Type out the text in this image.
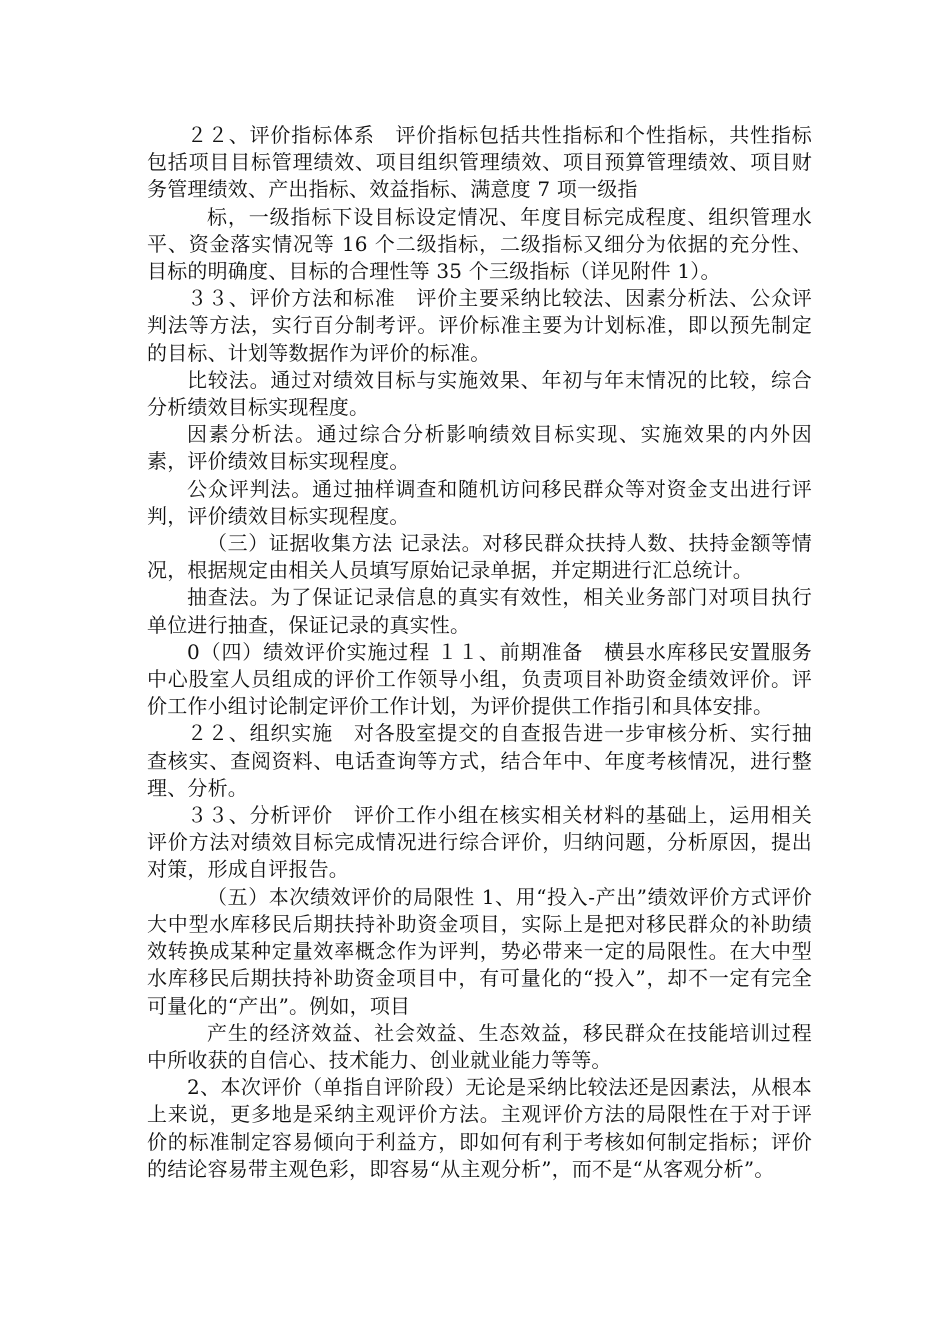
２２、评价指标体系　评价指标包括共性指标和个性指标，共性指标包括项目目标管理绩效、项目组织管理绩效、项目预算管理绩效、项目财务管理绩效、产出指标、效益指标、满意度 7 项一级指

标，一级指标下设目标设定情况、年度目标完成程度、组织管理水平、资金落实情况等 16 个二级指标，二级指标又细分为依据的充分性、目标的明确度、目标的合理性等 35 个三级指标（详见附件 1）。

３３、评价方法和标准　评价主要采纳比较法、因素分析法、公众评判法等方法，实行百分制考评。评价标准主要为计划标准，即以预先制定的目标、计划等数据作为评价的标准。

比较法。通过对绩效目标与实施效果、年初与年末情况的比较，综合分析绩效目标实现程度。

因素分析法。通过综合分析影响绩效目标实现、实施效果的内外因素，评价绩效目标实现程度。

公众评判法。通过抽样调查和随机访问移民群众等对资金支出进行评判，评价绩效目标实现程度。

（三）证据收集方法 记录法。对移民群众扶持人数、扶持金额等情况，根据规定由相关人员填写原始记录单据，并定期进行汇总统计。

抽查法。为了保证记录信息的真实有效性，相关业务部门对项目执行单位进行抽查，保证记录的真实性。

0（四）绩效评价实施过程 １１、前期准备　横县水库移民安置服务中心股室人员组成的评价工作领导小组，负责项目补助资金绩效评价。评价工作小组讨论制定评价工作计划，为评价提供工作指引和具体安排。

２２、组织实施　对各股室提交的自查报告进一步审核分析、实行抽查核实、查阅资料、电话查询等方式，结合年中、年度考核情况，进行整理、分析。

３３、分析评价　评价工作小组在核实相关材料的基础上，运用相关评价方法对绩效目标完成情况进行综合评价，归纳问题，分析原因，提出对策，形成自评报告。

（五）本次绩效评价的局限性 1、用“投入-产出”绩效评价方式评价大中型水库移民后期扶持补助资金项目，实际上是把对移民群众的补助绩效转换成某种定量效率概念作为评判，势必带来一定的局限性。在大中型水库移民后期扶持补助资金项目中，有可量化的“投入”，却不一定有完全可量化的“产出”。例如，项目

产生的经济效益、社会效益、生态效益，移民群众在技能培训过程中所收获的自信心、技术能力、创业就业能力等等。

2、本次评价（单指自评阶段）无论是采纳比较法还是因素法，从根本上来说，更多地是采纳主观评价方法。主观评价方法的局限性在于对于评价的标准制定容易倾向于利益方，即如何有利于考核如何制定指标；评价的结论容易带主观色彩，即容易“从主观分析”，而不是“从客观分析”。
